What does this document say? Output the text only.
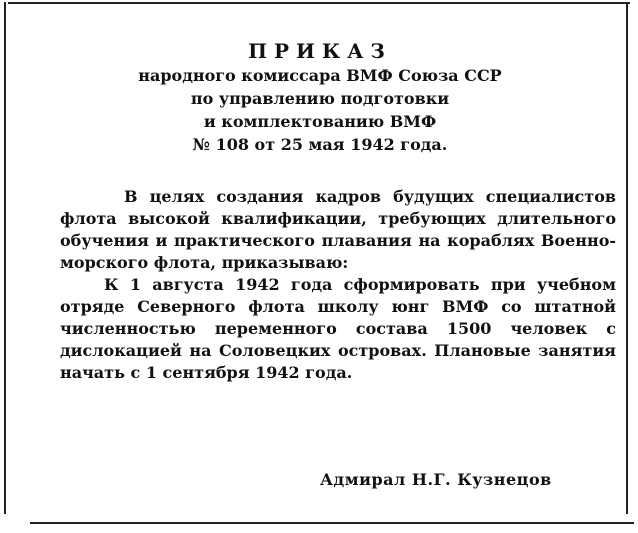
ПРИКАЗ
народного комиссара ВМФ Союза ССР
по управлению подготовки
и комплектованию ВМФ
№ 108 от 25 мая 1942 года.

В целях создания кадров будущих специалистов флота высокой квалификации, требующих длительного обучения и практического плавания на кораблях Военно-морского флота, приказываю:

К 1 августа 1942 года сформировать при учебном отряде Северного флота школу юнг ВМФ со штатной численностью переменного состава 1500 человек с дислокацией на Соловецких островах. Плановые занятия начать с 1 сентября 1942 года.

Адмирал Н.Г. Кузнецов
